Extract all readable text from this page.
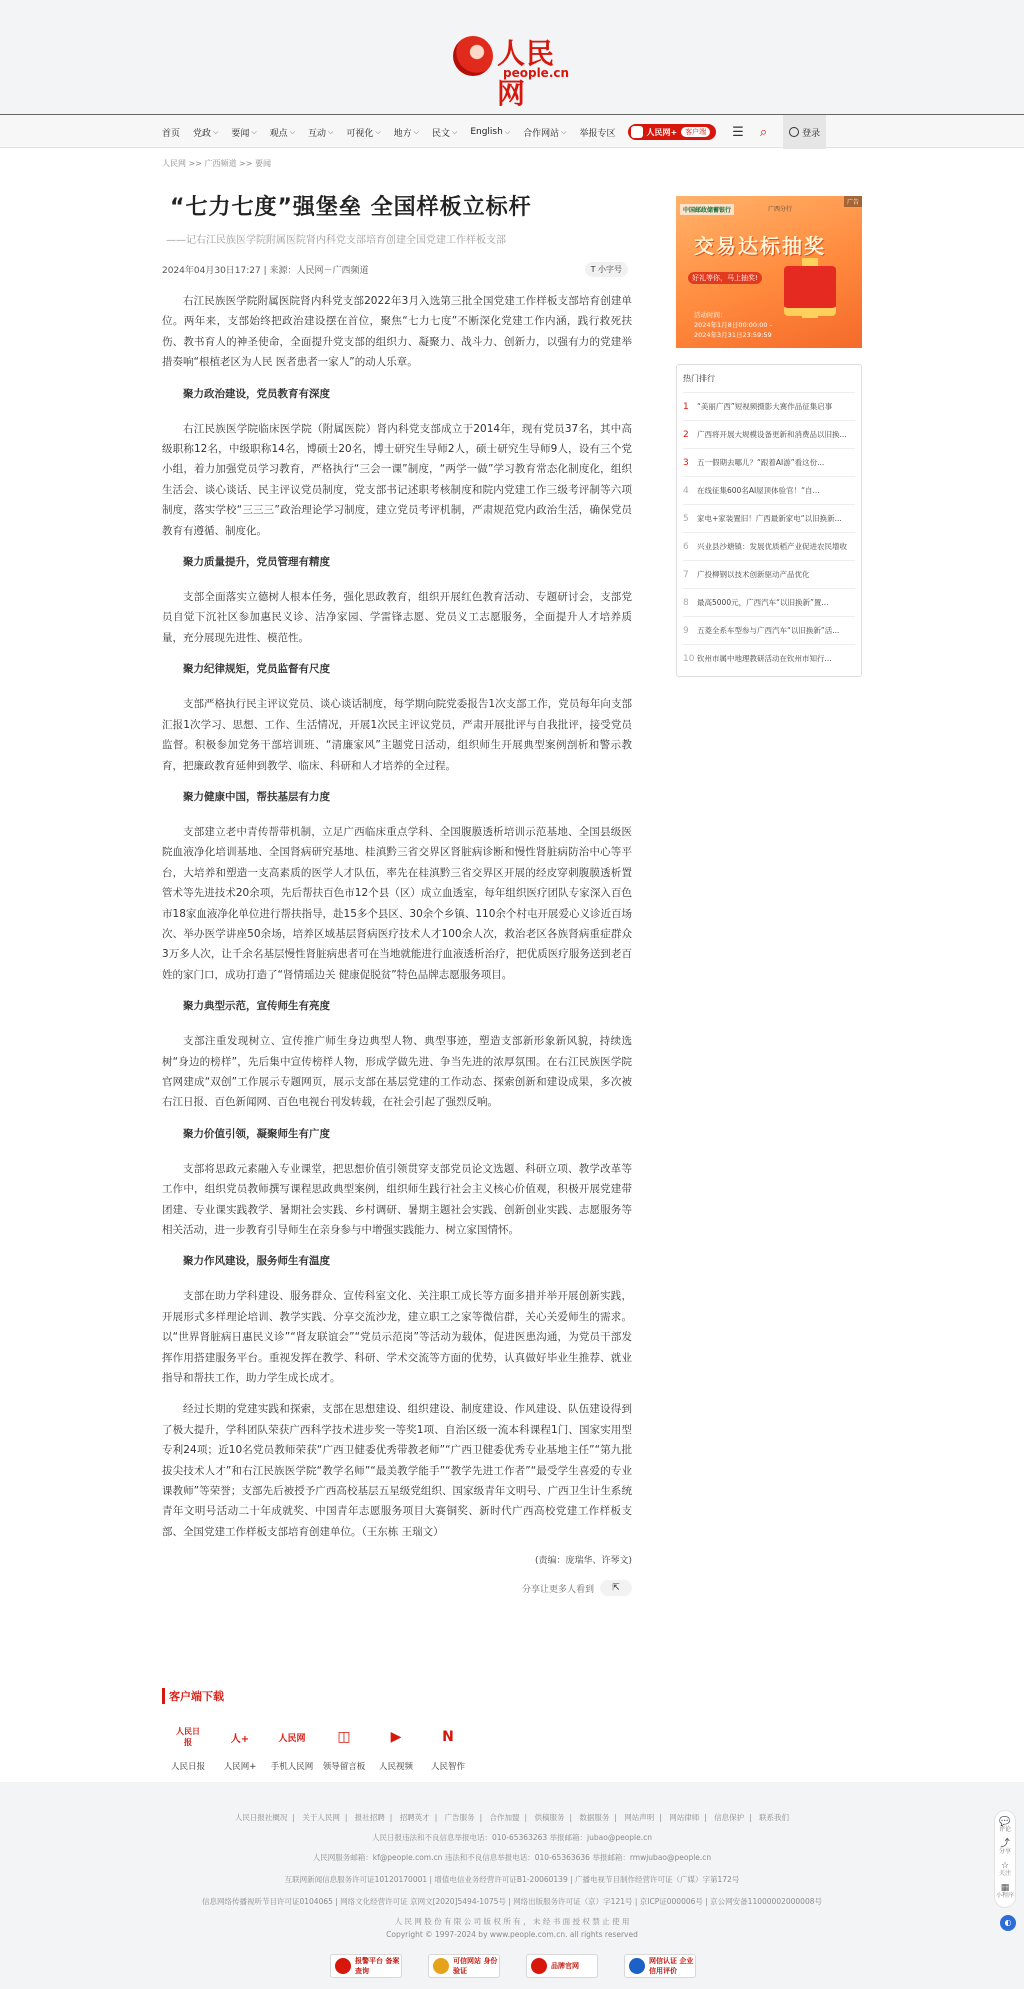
人民网
people.cn
首页 党政 ⌵ 要闻 ⌵ 观点 ⌵ 互动 ⌵ 可视化 ⌵ 地方 ⌵ 民文 ⌵ English ⌵ 合作网站 ⌵ 举报专区	人民网+	客户端	☰ ⌕	登录
人民网 >> 广西频道 >> 要闻
“七力七度”强堡垒 全国样板立标杆
——记右江民族医学院附属医院肾内科党支部培育创建全国党建工作样板支部
2024年04月30日17:27 | 来源：人民网－广西频道	T 小字号

右江民族医学院附属医院肾内科党支部2022年3月入选第三批全国党建工作样板支部培育创建单位。两年来，支部始终把政治建设摆在首位，聚焦“七力七度”不断深化党建工作内涵，践行救死扶伤、教书育人的神圣使命，全面提升党支部的组织力、凝聚力、战斗力、创新力，以强有力的党建举措奏响“根植老区为人民 医者患者一家人”的动人乐章。

聚力政治建设，党员教育有深度

右江民族医学院临床医学院（附属医院）肾内科党支部成立于2014年，现有党员37名，其中高级职称12名，中级职称14名，博硕士20名，博士研究生导师2人，硕士研究生导师9人，设有三个党小组，着力加强党员学习教育，严格执行“三会一课”制度，“两学一做”学习教育常态化制度化，组织生活会、谈心谈话、民主评议党员制度，党支部书记述职考核制度和院内党建工作三级考评制等六项制度，落实学校“三三三”政治理论学习制度，建立党员考评机制，严肃规范党内政治生活，确保党员教育有遵循、制度化。

聚力质量提升，党员管理有精度

支部全面落实立德树人根本任务，强化思政教育，组织开展红色教育活动、专题研讨会，支部党员自觉下沉社区参加惠民义诊、洁净家园、学雷锋志愿、党员义工志愿服务，全面提升人才培养质量，充分展现先进性、模范性。

聚力纪律规矩，党员监督有尺度

支部严格执行民主评议党员、谈心谈话制度，每学期向院党委报告1次支部工作，党员每年向支部汇报1次学习、思想、工作、生活情况，开展1次民主评议党员，严肃开展批评与自我批评，接受党员监督。积极参加党务干部培训班、“清廉家风”主题党日活动，组织师生开展典型案例剖析和警示教育，把廉政教育延伸到教学、临床、科研和人才培养的全过程。

聚力健康中国，帮扶基层有力度

支部建立老中青传帮带机制，立足广西临床重点学科、全国腹膜透析培训示范基地、全国县级医院血液净化培训基地、全国肾病研究基地、桂滇黔三省交界区肾脏病诊断和慢性肾脏病防治中心等平台，大培养和塑造一支高素质的医学人才队伍，率先在桂滇黔三省交界区开展的经皮穿刺腹膜透析置管术等先进技术20余项，先后帮扶百色市12个县（区）成立血透室，每年组织医疗团队专家深入百色市18家血液净化单位进行帮扶指导，赴15多个县区、30余个乡镇、110余个村屯开展爱心义诊近百场次、举办医学讲座50余场，培养区域基层肾病医疗技术人才100余人次，救治老区各族肾病重症群众3万多人次，让千余名基层慢性肾脏病患者可在当地就能进行血液透析治疗，把优质医疗服务送到老百姓的家门口，成功打造了“肾情瑶边关 健康促脱贫”特色品牌志愿服务项目。

聚力典型示范，宣传师生有亮度

支部注重发现树立、宣传推广师生身边典型人物、典型事迹，塑造支部新形象新风貌，持续选树“身边的榜样”，先后集中宣传榜样人物，形成学做先进、争当先进的浓厚氛围。在右江民族医学院官网建成“双创”工作展示专题网页，展示支部在基层党建的工作动态、探索创新和建设成果，多次被右江日报、百色新闻网、百色电视台刊发转载，在社会引起了强烈反响。

聚力价值引领，凝聚师生有广度

支部将思政元素融入专业课堂，把思想价值引领贯穿支部党员论文选题、科研立项、教学改革等工作中，组织党员教师撰写课程思政典型案例，组织师生践行社会主义核心价值观，积极开展党建带团建、专业课实践教学、暑期社会实践、乡村调研、暑期主题社会实践、创新创业实践、志愿服务等相关活动，进一步教育引导师生在亲身参与中增强实践能力、树立家国情怀。

聚力作风建设，服务师生有温度

支部在助力学科建设、服务群众、宣传科室文化、关注职工成长等方面多措并举开展创新实践，开展形式多样理论培训、教学实践、分享交流沙龙，建立职工之家等微信群，关心关爱师生的需求。以“世界肾脏病日惠民义诊”“肾友联谊会”“党员示范岗”等活动为载体，促进医患沟通，为党员干部发挥作用搭建服务平台。重视发挥在教学、科研、学术交流等方面的优势，认真做好毕业生推荐、就业指导和帮扶工作，助力学生成长成才。

经过长期的党建实践和探索，支部在思想建设、组织建设、制度建设、作风建设、队伍建设得到了极大提升，学科团队荣获广西科学技术进步奖一等奖1项、自治区级一流本科课程1门、国家实用型专利24项；近10名党员教师荣获“广西卫健委优秀带教老师”“广西卫健委优秀专业基地主任”“第九批拔尖技术人才”和右江民族医学院“教学名师”“最美教学能手”“教学先进工作者”“最受学生喜爱的专业课教师”等荣誉；支部先后被授予广西高校基层五星级党组织、国家级青年文明号、广西卫生计生系统青年文明号活动二十年成就奖、中国青年志愿服务项目大赛铜奖、新时代广西高校党建工作样板支部、全国党建工作样板支部培育创建单位。（王东栋 王瑞文）

(责编：庞瑞华、许琴文)
分享让更多人看到 ⇱
中国邮政储蓄银行	广西分行
广告
交易达标抽奖
好礼等你，马上抽奖!
活动时间：
2024年1月8日00:00:00 -
2024年3月31日23:59:59
热门排行
1	“美丽广西”短视频摄影大赛作品征集启事
2	广西将开展大规模设备更新和消费品以旧换...
3	五一假期去哪儿？“跟着AI游”看这份...
4	在线征集600名AI屋顶体验官！“自...
5	家电+家装置旧！广西最新家电“以旧换新...
6	兴业县沙塘镇：发展优质稻产业促进农民增收
7	广投柳钢以技术创新驱动产品优化
8	最高5000元，广西汽车“以旧换新”置...
9	五菱全系车型参与广西汽车“以旧换新”活...
10 钦州市属中地理教研活动在钦州市知行...
客户端下载
人民日报
人民日报
人+
人民网+
人民网
手机人民网
◫
领导留言板
▶
人民视频
N
人民智作
人民日报社概况 | 关于人民网 | 报社招聘 | 招聘英才 | 广告服务 | 合作加盟 | 供稿服务 | 数据服务 | 网站声明 | 网站律师 | 信息保护 | 联系我们
人民日报违法和不良信息举报电话：010-65363263 举报邮箱：jubao@people.cn
人民网服务邮箱：kf@people.com.cn 违法和不良信息举报电话：010-65363636 举报邮箱：rmwjubao@people.cn
互联网新闻信息服务许可证10120170001 | 增值电信业务经营许可证B1-20060139 | 广播电视节目制作经营许可证（广媒）字第172号
信息网络传播视听节目许可证0104065 | 网络文化经营许可证 京网文[2020]5494-1075号 | 网络出版服务许可证（京）字121号 | 京ICP证000006号 | 京公网安备11000002000008号
人 民 网 股 份 有 限 公 司 版 权 所 有 ， 未 经 书 面 授 权 禁 止 使 用
Copyright © 1997-2024 by www.people.com.cn. all rights reserved
报警平台 备案查询
可信网站 身份验证
品牌官网
网信认证 企业信用评价
💬
评论
⤴
分享
☆
关注
▦
小程序
◐
